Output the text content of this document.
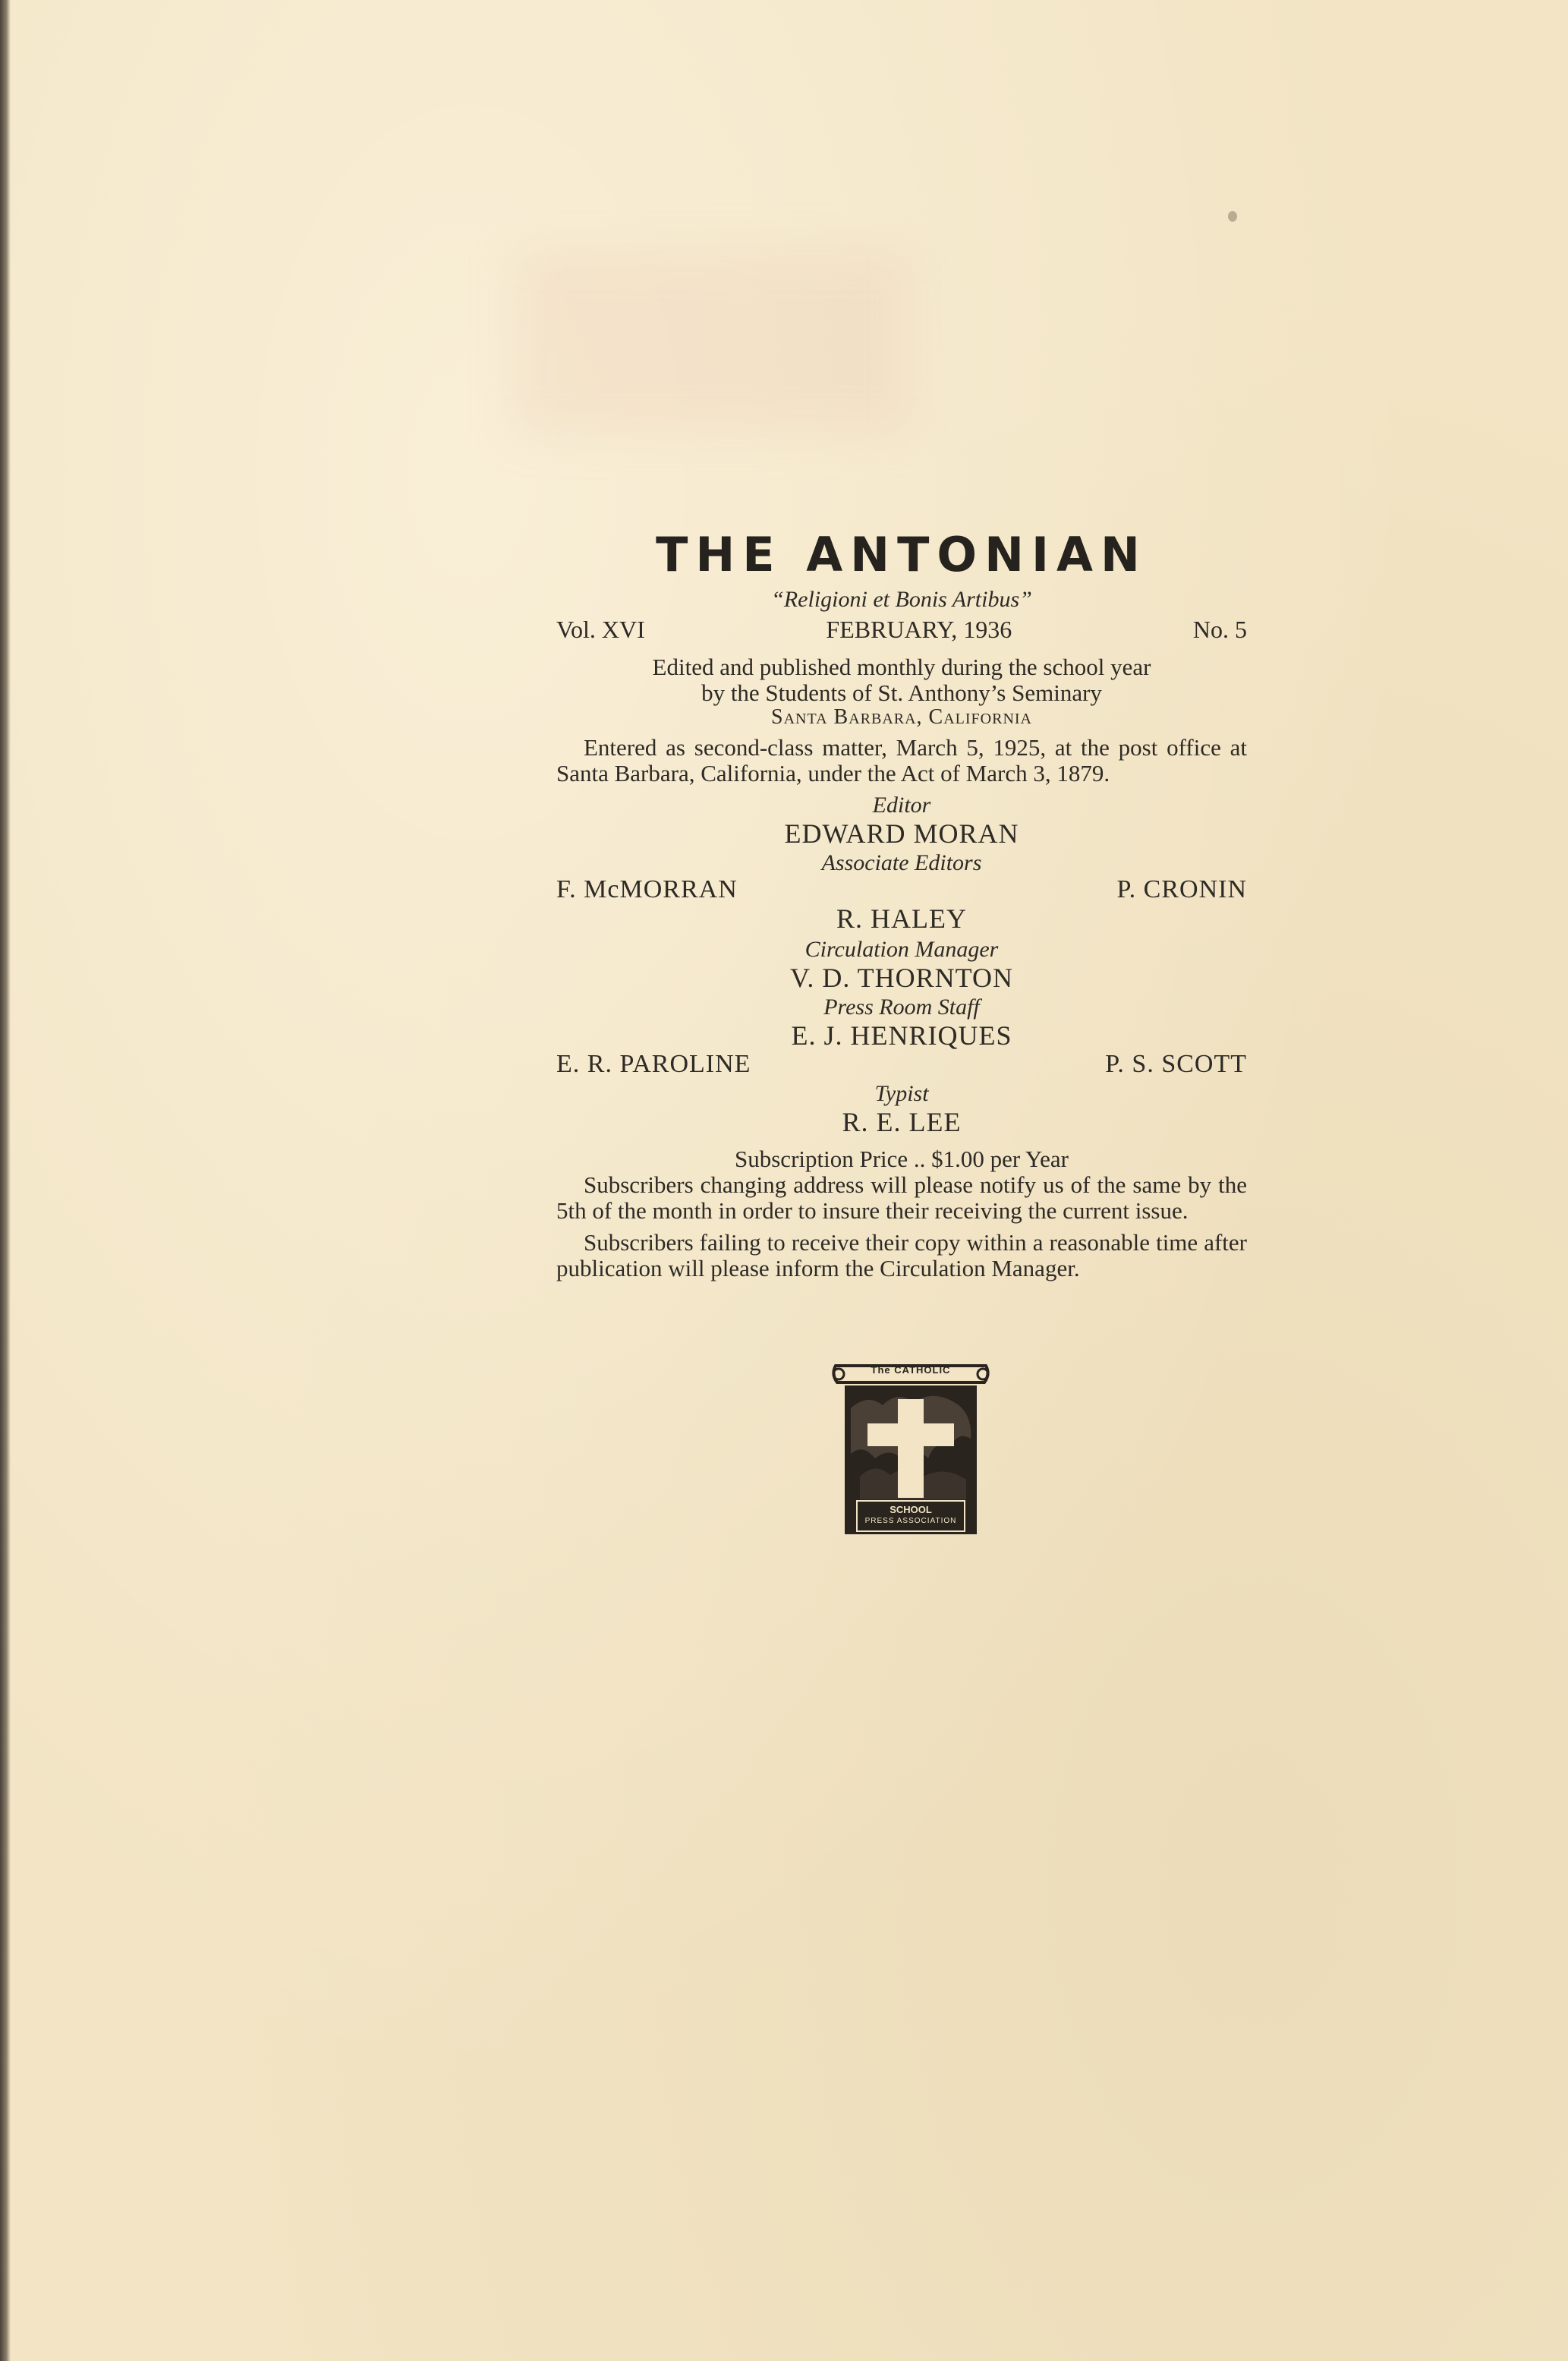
THE ANTONIAN
“Religioni et Bonis Artibus”
Vol. XVI	FEBRUARY, 1936	No. 5
Edited and published monthly during the school year
by the Students of St. Anthony’s Seminary
Santa Barbara, California
Entered as second-class matter, March 5, 1925, at the post office at Santa Barbara, California, under the Act of March 3, 1879.
Editor
EDWARD MORAN
Associate Editors
F. McMORRAN	P. CRONIN
R. HALEY
Circulation Manager
V. D. THORNTON
Press Room Staff
E. J. HENRIQUES
E. R. PAROLINE	P. S. SCOTT
Typist
R. E. LEE
Subscription Price .. $1.00 per Year
Subscribers changing address will please notify us of the same by the 5th of the month in order to insure their receiving the current issue.
Subscribers failing to receive their copy within a reasonable time after publication will please inform the Circulation Manager.
The CATHOLIC
SCHOOL
PRESS ASSOCIATION
